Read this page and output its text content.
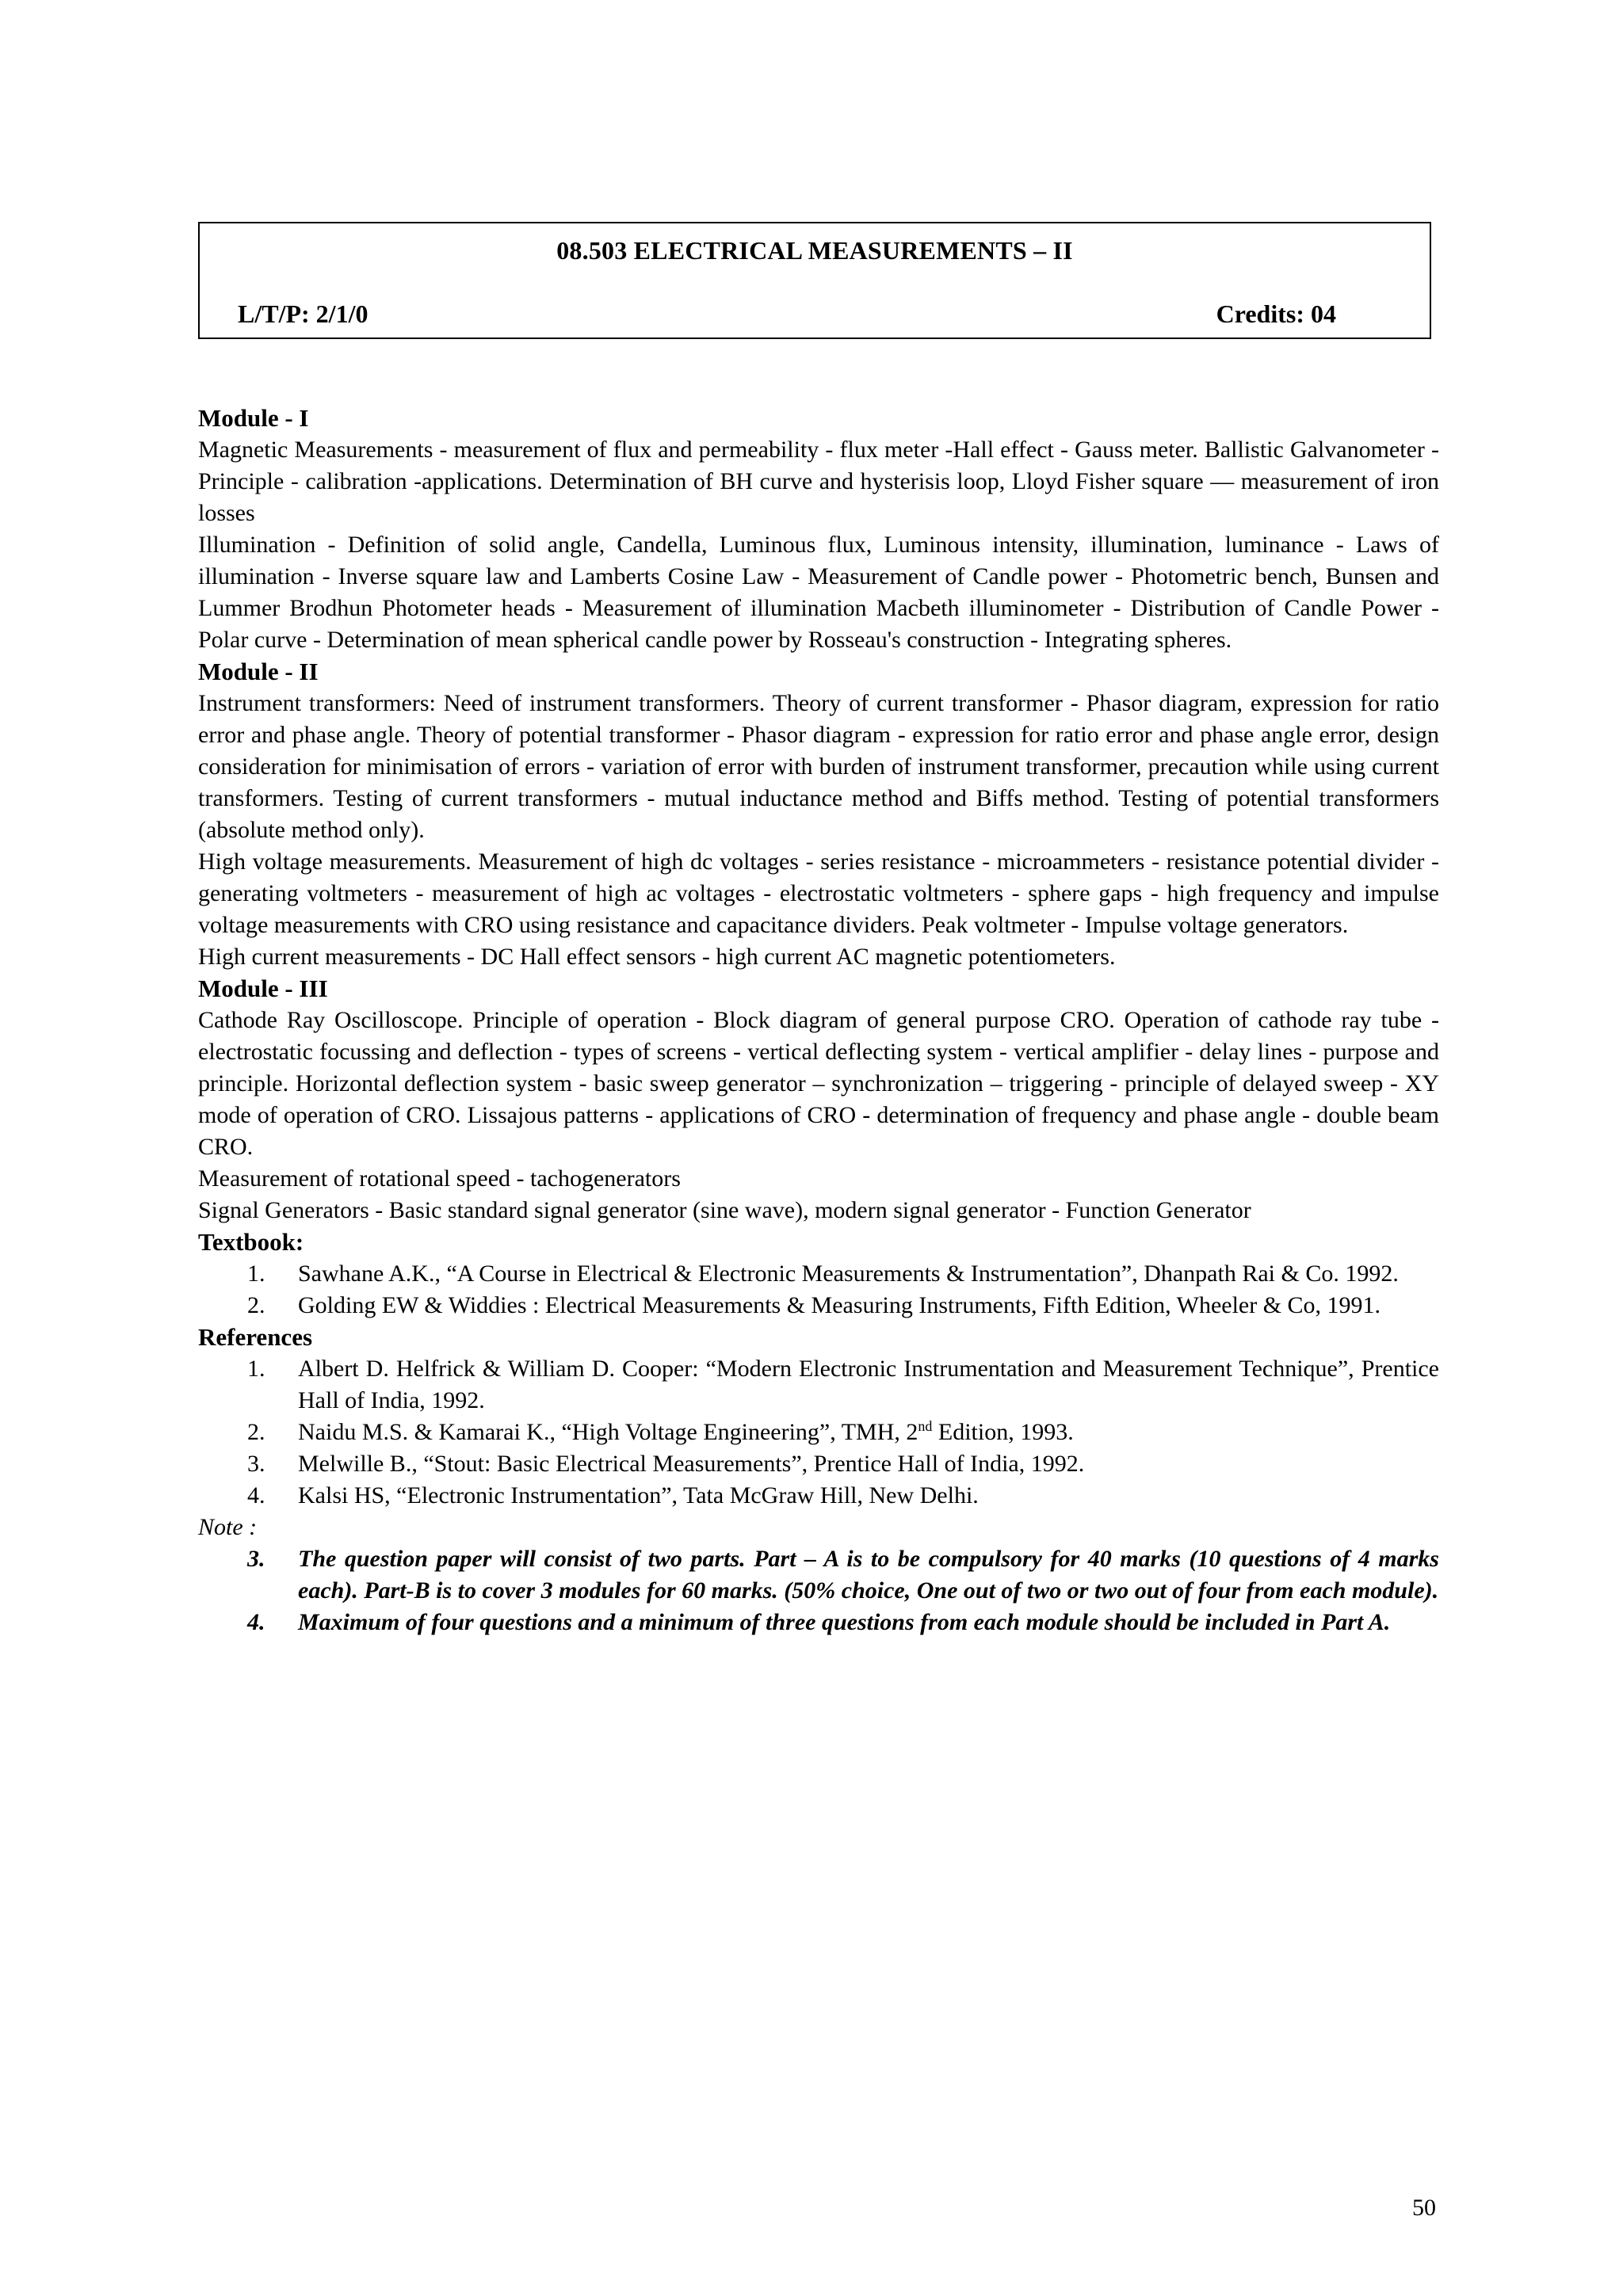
08.503 ELECTRICAL MEASUREMENTS – II
L/T/P: 2/1/0	Credits: 04

Module - I

Magnetic Measurements - measurement of flux and permeability - flux meter -Hall effect - Gauss meter. Ballistic Galvanometer - Principle - calibration -applications. Determination of BH curve and hysterisis loop, Lloyd Fisher square — measurement of iron losses

Illumination - Definition of solid angle, Candella, Luminous flux, Luminous intensity, illumination, luminance - Laws of illumination - Inverse square law and Lamberts Cosine Law - Measurement of Candle power - Photometric bench, Bunsen and Lummer Brodhun Photometer heads - Measurement of illumination Macbeth illuminometer - Distribution of Candle Power - Polar curve - Determination of mean spherical candle power by Rosseau's construction - Integrating spheres.

Module - II

Instrument transformers: Need of instrument transformers. Theory of current transformer - Phasor diagram, expression for ratio error and phase angle. Theory of potential transformer - Phasor diagram - expression for ratio error and phase angle error, design consideration for minimisation of errors - variation of error with burden of instrument transformer, precaution while using current transformers. Testing of current transformers - mutual inductance method and Biffs method. Testing of potential transformers (absolute method only).

High voltage measurements. Measurement of high dc voltages - series resistance - microammeters - resistance potential divider - generating voltmeters - measurement of high ac voltages - electrostatic voltmeters - sphere gaps - high frequency and impulse voltage measurements with CRO using resistance and capacitance dividers. Peak voltmeter - Impulse voltage generators.

High current measurements - DC Hall effect sensors - high current AC magnetic potentiometers.

Module - III

Cathode Ray Oscilloscope. Principle of operation - Block diagram of general purpose CRO. Operation of cathode ray tube - electrostatic focussing and deflection - types of screens - vertical deflecting system - vertical amplifier - delay lines - purpose and principle. Horizontal deflection system - basic sweep generator – synchronization – triggering - principle of delayed sweep - XY mode of operation of CRO. Lissajous patterns - applications of CRO - determination of frequency and phase angle - double beam CRO.

Measurement of rotational speed - tachogenerators

Signal Generators - Basic standard signal generator (sine wave), modern signal generator - Function Generator

Textbook:

1. Sawhane A.K., “A Course in Electrical & Electronic Measurements & Instrumentation”, Dhanpath Rai & Co. 1992.
2. Golding EW & Widdies : Electrical Measurements & Measuring Instruments, Fifth Edition, Wheeler & Co, 1991.

References

1. Albert D. Helfrick & William D. Cooper: “Modern Electronic Instrumentation and Measurement Technique”, Prentice Hall of India, 1992.
2. Naidu M.S. & Kamarai K., “High Voltage Engineering”, TMH, 2nd Edition, 1993.
3. Melwille B., “Stout: Basic Electrical Measurements”, Prentice Hall of India, 1992.
4. Kalsi HS, “Electronic Instrumentation”, Tata McGraw Hill, New Delhi.

Note :

3. The question paper will consist of two parts. Part – A is to be compulsory for 40 marks (10 questions of 4 marks each). Part-B is to cover 3 modules for 60 marks. (50% choice, One out of two or two out of four from each module).
4. Maximum of four questions and a minimum of three questions from each module should be included in Part A.
50
